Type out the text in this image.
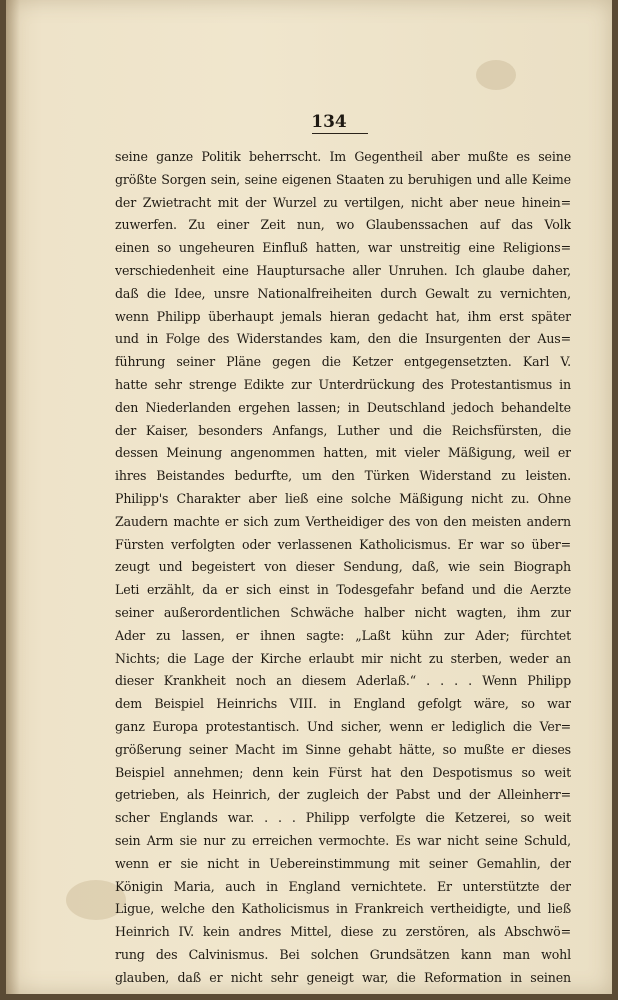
134
seine ganze Politik beherrscht. Im Gegentheil aber mußte es seine
größte Sorgen sein, seine eigenen Staaten zu beruhigen und alle Keime
der Zwietracht mit der Wurzel zu vertilgen, nicht aber neue hinein=
zuwerfen. Zu einer Zeit nun, wo Glaubenssachen auf das Volk
einen so ungeheuren Einfluß hatten, war unstreitig eine Religions=
verschiedenheit eine Hauptursache aller Unruhen. Ich glaube daher,
daß die Idee, unsre Nationalfreiheiten durch Gewalt zu vernichten,
wenn Philipp überhaupt jemals hieran gedacht hat, ihm erst später
und in Folge des Widerstandes kam, den die Insurgenten der Aus=
führung seiner Pläne gegen die Ketzer entgegensetzten. Karl V.
hatte sehr strenge Edikte zur Unterdrückung des Protestantismus in
den Niederlanden ergehen lassen; in Deutschland jedoch behandelte
der Kaiser, besonders Anfangs, Luther und die Reichsfürsten, die
dessen Meinung angenommen hatten, mit vieler Mäßigung, weil er
ihres Beistandes bedurfte, um den Türken Widerstand zu leisten.
Philipp's Charakter aber ließ eine solche Mäßigung nicht zu. Ohne
Zaudern machte er sich zum Vertheidiger des von den meisten andern
Fürsten verfolgten oder verlassenen Katholicismus. Er war so über=
zeugt und begeistert von dieser Sendung, daß, wie sein Biograph
Leti erzählt, da er sich einst in Todesgefahr befand und die Aerzte
seiner außerordentlichen Schwäche halber nicht wagten, ihm zur
Ader zu lassen, er ihnen sagte: „Laßt kühn zur Ader; fürchtet
Nichts; die Lage der Kirche erlaubt mir nicht zu sterben, weder an
dieser Krankheit noch an diesem Aderlaß.“ . . . . Wenn Philipp
dem Beispiel Heinrichs VIII. in England gefolgt wäre, so war
ganz Europa protestantisch. Und sicher, wenn er lediglich die Ver=
größerung seiner Macht im Sinne gehabt hätte, so mußte er dieses
Beispiel annehmen; denn kein Fürst hat den Despotismus so weit
getrieben, als Heinrich, der zugleich der Pabst und der Alleinherr=
scher Englands war. . . . Philipp verfolgte die Ketzerei, so weit
sein Arm sie nur zu erreichen vermochte. Es war nicht seine Schuld,
wenn er sie nicht in Uebereinstimmung mit seiner Gemahlin, der
Königin Maria, auch in England vernichtete. Er unterstützte der
Ligue, welche den Katholicismus in Frankreich vertheidigte, und ließ
Heinrich IV. kein andres Mittel, diese zu zerstören, als Abschwö=
rung des Calvinismus. Bei solchen Grundsätzen kann man wohl
glauben, daß er nicht sehr geneigt war, die Reformation in seinen
